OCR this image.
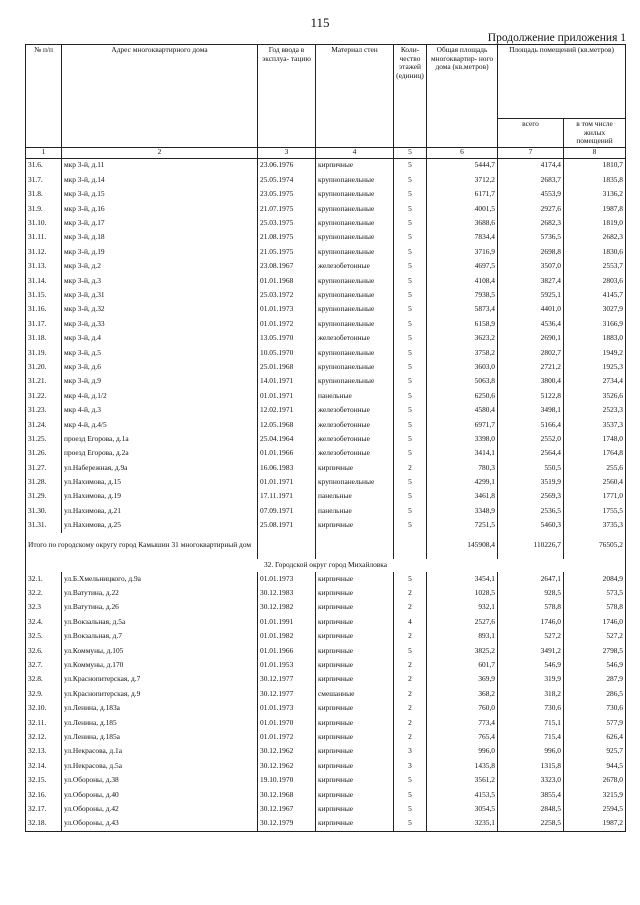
115
Продолжение приложения 1
№ п/п	Адрес многоквартирного дома	Год ввода в эксплуа- тацию	Материал стен	Коли- чество этажей (единиц)	Общая площадь многоквартир- ного дома (кв.метров)	Площадь помещений (кв.метров)	
						всего	в том числе жилых помещений
1	2	3	4	5	6	7	8
31.6.	мкр 3-й, д.11	23.06.1976	кирпичные	5	5444,7	4174,4	1810,7
31.7.	мкр 3-й, д.14	25.05.1974	крупнопанельные	5	3712,2	2683,7	1835,8
31.8.	мкр 3-й, д.15	23.05.1975	крупнопанельные	5	6171,7	4553,9	3136,2
31.9.	мкр 3-й, д.16	21.07.1975	крупнопанельные	5	4001,5	2927,6	1987,8
31.10.	мкр 3-й, д.17	25.03.1975	крупнопанельные	5	3688,6	2682,3	1819,0
31.11.	мкр 3-й, д.18	21.08.1975	крупнопанельные	5	7834,4	5736,5	2682,3
31.12.	мкр 3-й, д.19	21.05.1975	крупнопанельные	5	3716,9	2698,8	1830,6
31.13.	мкр 3-й, д.2	23.08.1967	железобетонные	5	4697,5	3507,0	2553,7
31.14.	мкр 3-й, д.3	01.01.1968	крупнопанельные	5	4108,4	3827,4	2803,6
31.15.	мкр 3-й, д.31	25.03.1972	крупнопанельные	5	7938,5	5925,1	4145,7
31.16.	мкр 3-й, д.32	01.01.1973	крупнопанельные	5	5873,4	4401,0	3027,9
31.17.	мкр 3-й, д.33	01.01.1972	крупнопанельные	5	6158,9	4536,4	3166,9
31.18.	мкр 3-й, д.4	13.05.1970	железобетонные	5	3623,2	2690,1	1883,0
31.19.	мкр 3-й, д.5	10.05.1970	крупнопанельные	5	3758,2	2802,7	1949,2
31.20.	мкр 3-й, д.6	25.01.1968	крупнопанельные	5	3603,0	2721,2	1925,3
31.21.	мкр 3-й, д.9	14.01.1971	крупнопанельные	5	5063,8	3800,4	2734,4
31.22.	мкр 4-й, д.1/2	01.01.1971	панельные	5	6250,6	5122,8	3526,6
31.23.	мкр 4-й, д.3	12.02.1971	железобетонные	5	4580,4	3498,1	2523,3
31.24.	мкр 4-й, д.4/5	12.05.1968	железобетонные	5	6971,7	5166,4	3537,3
31.25.	проезд Егорова, д.1а	25.04.1964	железобетонные	5	3398,0	2552,0	1748,0
31.26.	проезд Егорова, д.2а	01.01.1966	железобетонные	5	3414,1	2564,4	1764,8
31.27.	ул.Набережная, д.9а	16.06.1983	кирпичные	2	780,3	550,5	255,6
31.28.	ул.Нахимова, д.15	01.01.1971	крупнопанельные	5	4299,1	3519,9	2560,4
31.29.	ул.Нахимова, д.19	17.11.1971	панельные	5	3461,8	2569,3	1771,0
31.30.	ул.Нахимова, д.21	07.09.1971	панельные	5	3348,9	2536,5	1755,5
31.31.	ул.Нахимова, д.25	25.08.1971	кирпичные	5	7251,5	5460,3	3735,3
Итого по городскому округу город Камышин 31 многоквартирный дом					145908,4	110226,7	76505,2
32. Городской округ город Михайловка							
32.1.	ул.Б.Хмельницкого, д.9а	01.01.1973	кирпичные	5	3454,1	2647,1	2084,9
32.2.	ул.Ватутина, д.22	30.12.1983	кирпичные	2	1028,5	928,5	573,5
32.3	ул.Ватутина, д.26	30.12.1982	кирпичные	2	932,1	578,8	578,8
32.4.	ул.Вокзальная, д.5а	01.01.1991	кирпичные	4	2527,6	1746,0	1746,0
32.5.	ул.Вокзальная, д.7	01.01.1982	кирпичные	2	893,1	527,2	527,2
32.6.	ул.Коммуны, д.105	01.01.1966	кирпичные	5	3825,2	3491,2	2798,5
32.7.	ул.Коммуны, д.170	01.01.1953	кирпичные	2	601,7	546,9	546,9
32.8.	ул.Краснопитерская, д.7	30.12.1977	кирпичные	2	369,9	319,9	287,9
32.9.	ул.Краснопитерская, д.9	30.12.1977	смешанные	2	368,2	318,2	286,5
32.10.	ул.Ленина, д.183а	01.01.1973	кирпичные	2	760,0	730,6	730,6
32.11.	ул.Ленина, д.185	01.01.1970	кирпичные	2	773,4	715,1	577,9
32.12.	ул.Ленина, д.185а	01.01.1972	кирпичные	2	765,4	715,4	626,4
32.13.	ул.Некрасова, д.1а	30.12.1962	кирпичные	3	996,0	996,0	925,7
32.14.	ул.Некрасова, д.5а	30.12.1962	кирпичные	3	1435,8	1315,8	944,5
32.15.	ул.Обороны, д.38	19.10.1970	кирпичные	5	3561,2	3323,0	2678,0
32.16.	ул.Обороны, д.40	30.12.1968	кирпичные	5	4153,5	3855,4	3215,9
32.17.	ул.Обороны, д.42	30.12.1967	кирпичные	5	3054,5	2848,5	2594,5
32.18.	ул.Обороны, д.43	30.12.1979	кирпичные	5	3235,1	2258,5	1987,2
